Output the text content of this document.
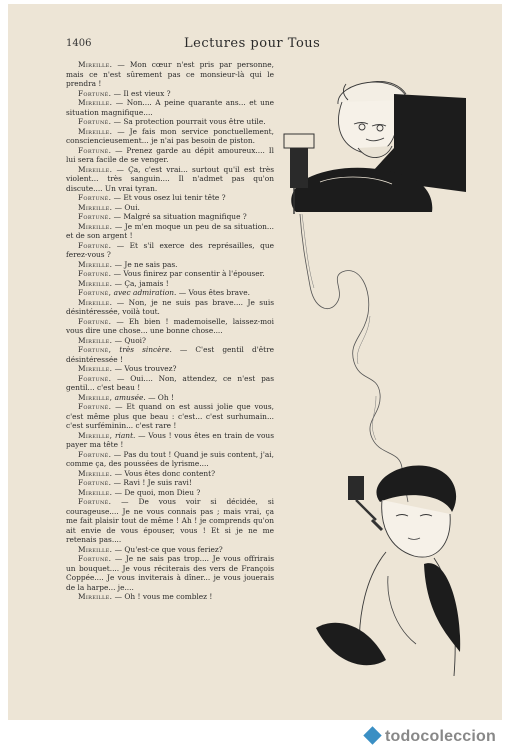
1406	Lectures pour Tous

Mireille. — Mon cœur n'est pris par personne, mais ce n'est sûrement pas ce monsieur-là qui le prendra !

Fortuné. — Il est vieux ?

Mireille. — Non.... A peine quarante ans... et une situation magnifique....

Fortuné. — Sa protection pourrait vous être utile.

Mireille. — Je fais mon service ponctuellement, consciencieusement... je n'ai pas besoin de piston.

Fortuné. — Prenez garde au dépit amoureux.... Il lui sera facile de se venger.

Mireille. — Ça, c'est vrai... surtout qu'il est très violent... très sanguin.... Il n'admet pas qu'on discute.... Un vrai tyran.

Fortuné. — Et vous osez lui tenir tête ?

Mireille. — Oui.

Fortuné. — Malgré sa situation magnifique ?

Mireille. — Je m'en moque un peu de sa situation... et de son argent !

Fortuné. — Et s'il exerce des représailles, que ferez-vous ?

Mireille. — Je ne sais pas.

Fortuné. — Vous finirez par consentir à l'épouser.

Mireille. — Ça, jamais !

Fortuné, avec admiration. — Vous êtes brave.

Mireille. — Non, je ne suis pas brave.... Je suis désintéressée, voilà tout.

Fortuné. — Eh bien ! mademoiselle, laissez-moi vous dire une chose... une bonne chose....

Mireille. — Quoi?

Fortuné, très sincère. — C'est gentil d'être désintéressée !

Mireille. — Vous trouvez?

Fortuné. — Oui.... Non, attendez, ce n'est pas gentil... c'est beau !

Mireille, amusée. — Oh !

Fortuné. — Et quand on est aussi jolie que vous, c'est même plus que beau : c'est... c'est surhumain... c'est surféminin... c'est rare !

Mireille, riant. — Vous ! vous êtes en train de vous payer ma tête !

Fortuné. — Pas du tout ! Quand je suis content, j'ai, comme ça, des poussées de lyrisme....

Mireille. — Vous êtes donc content?

Fortuné. — Ravi ! Je suis ravi!

Mireille. — De quoi, mon Dieu ?

Fortuné. — De vous voir si décidée, si courageuse.... Je ne vous connais pas ; mais vrai, ça me fait plaisir tout de même ! Ah ! je comprends qu'on ait envie de vous épouser, vous ! Et si je ne me retenais pas....

Mireille. — Qu'est-ce que vous feriez?

Fortuné. — Je ne sais pas trop.... Je vous offrirais un bouquet.... Je vous réciterais des vers de François Coppée.... Je vous inviterais à dîner... je vous jouerais de la harpe... je....

Mireille. — Oh ! vous me comblez !

todocoleccion
